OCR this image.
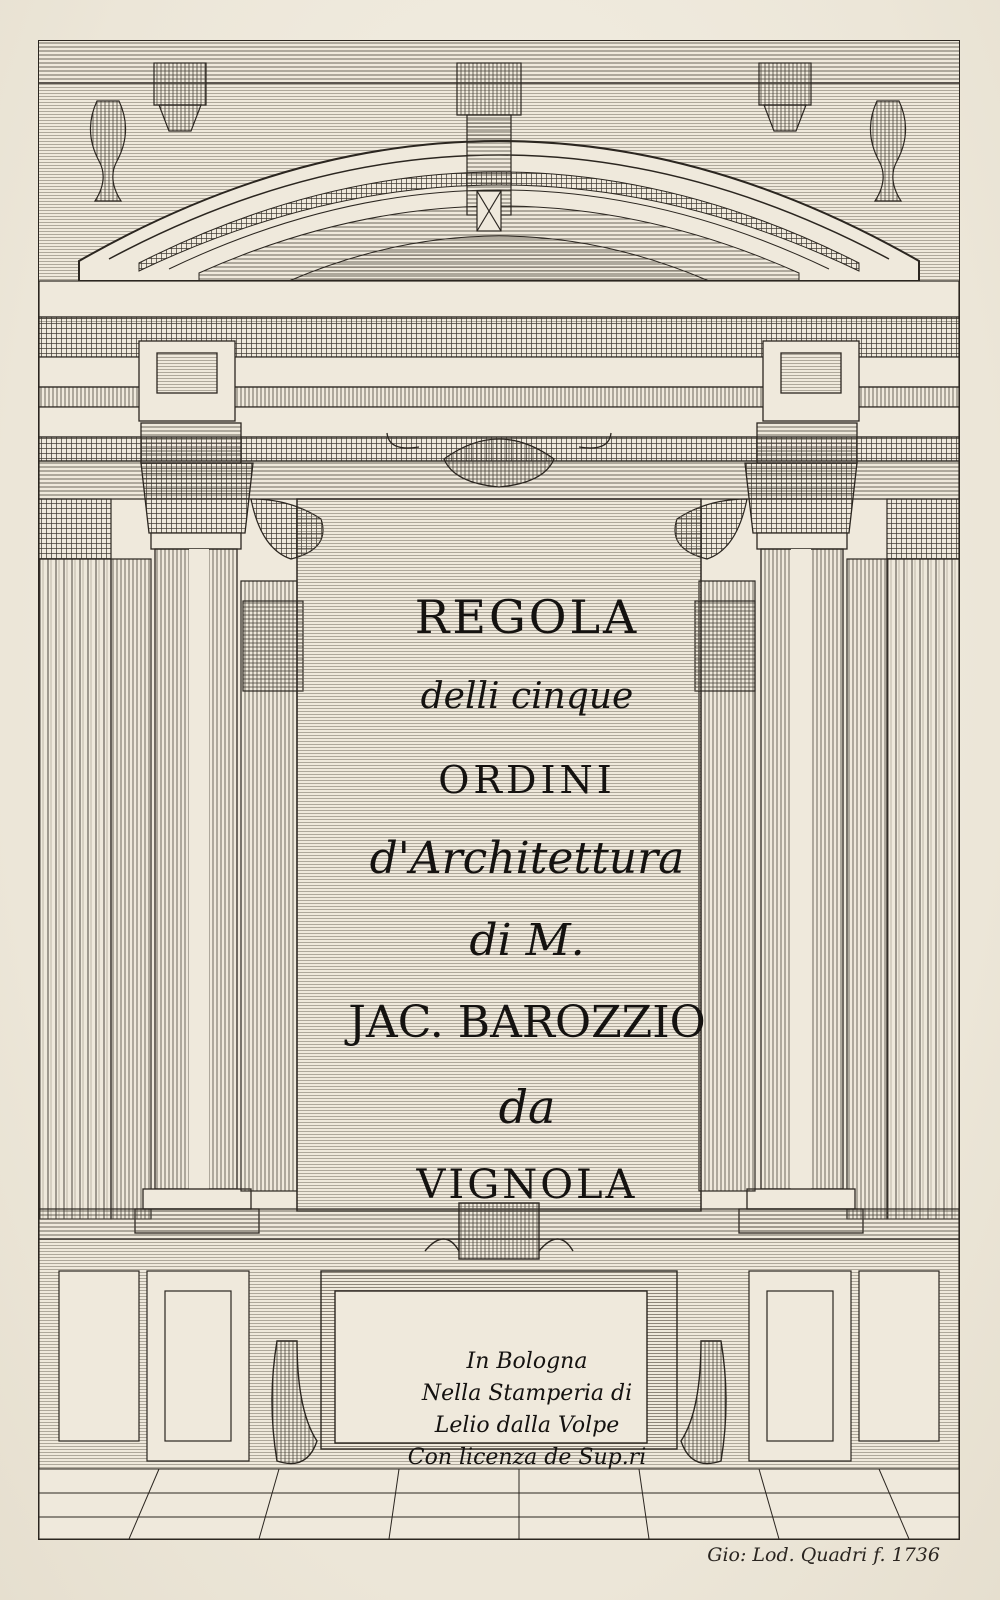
REGOLA
delli cinque
ORDINI
d'Architettura
di M.
JAC. BAROZZIO
da
VIGNOLA
In Bologna
Nella Stamperia di
Lelio dalla Volpe
Con licenza de Sup.ri
Gio: Lod. Quadri f. 1736
